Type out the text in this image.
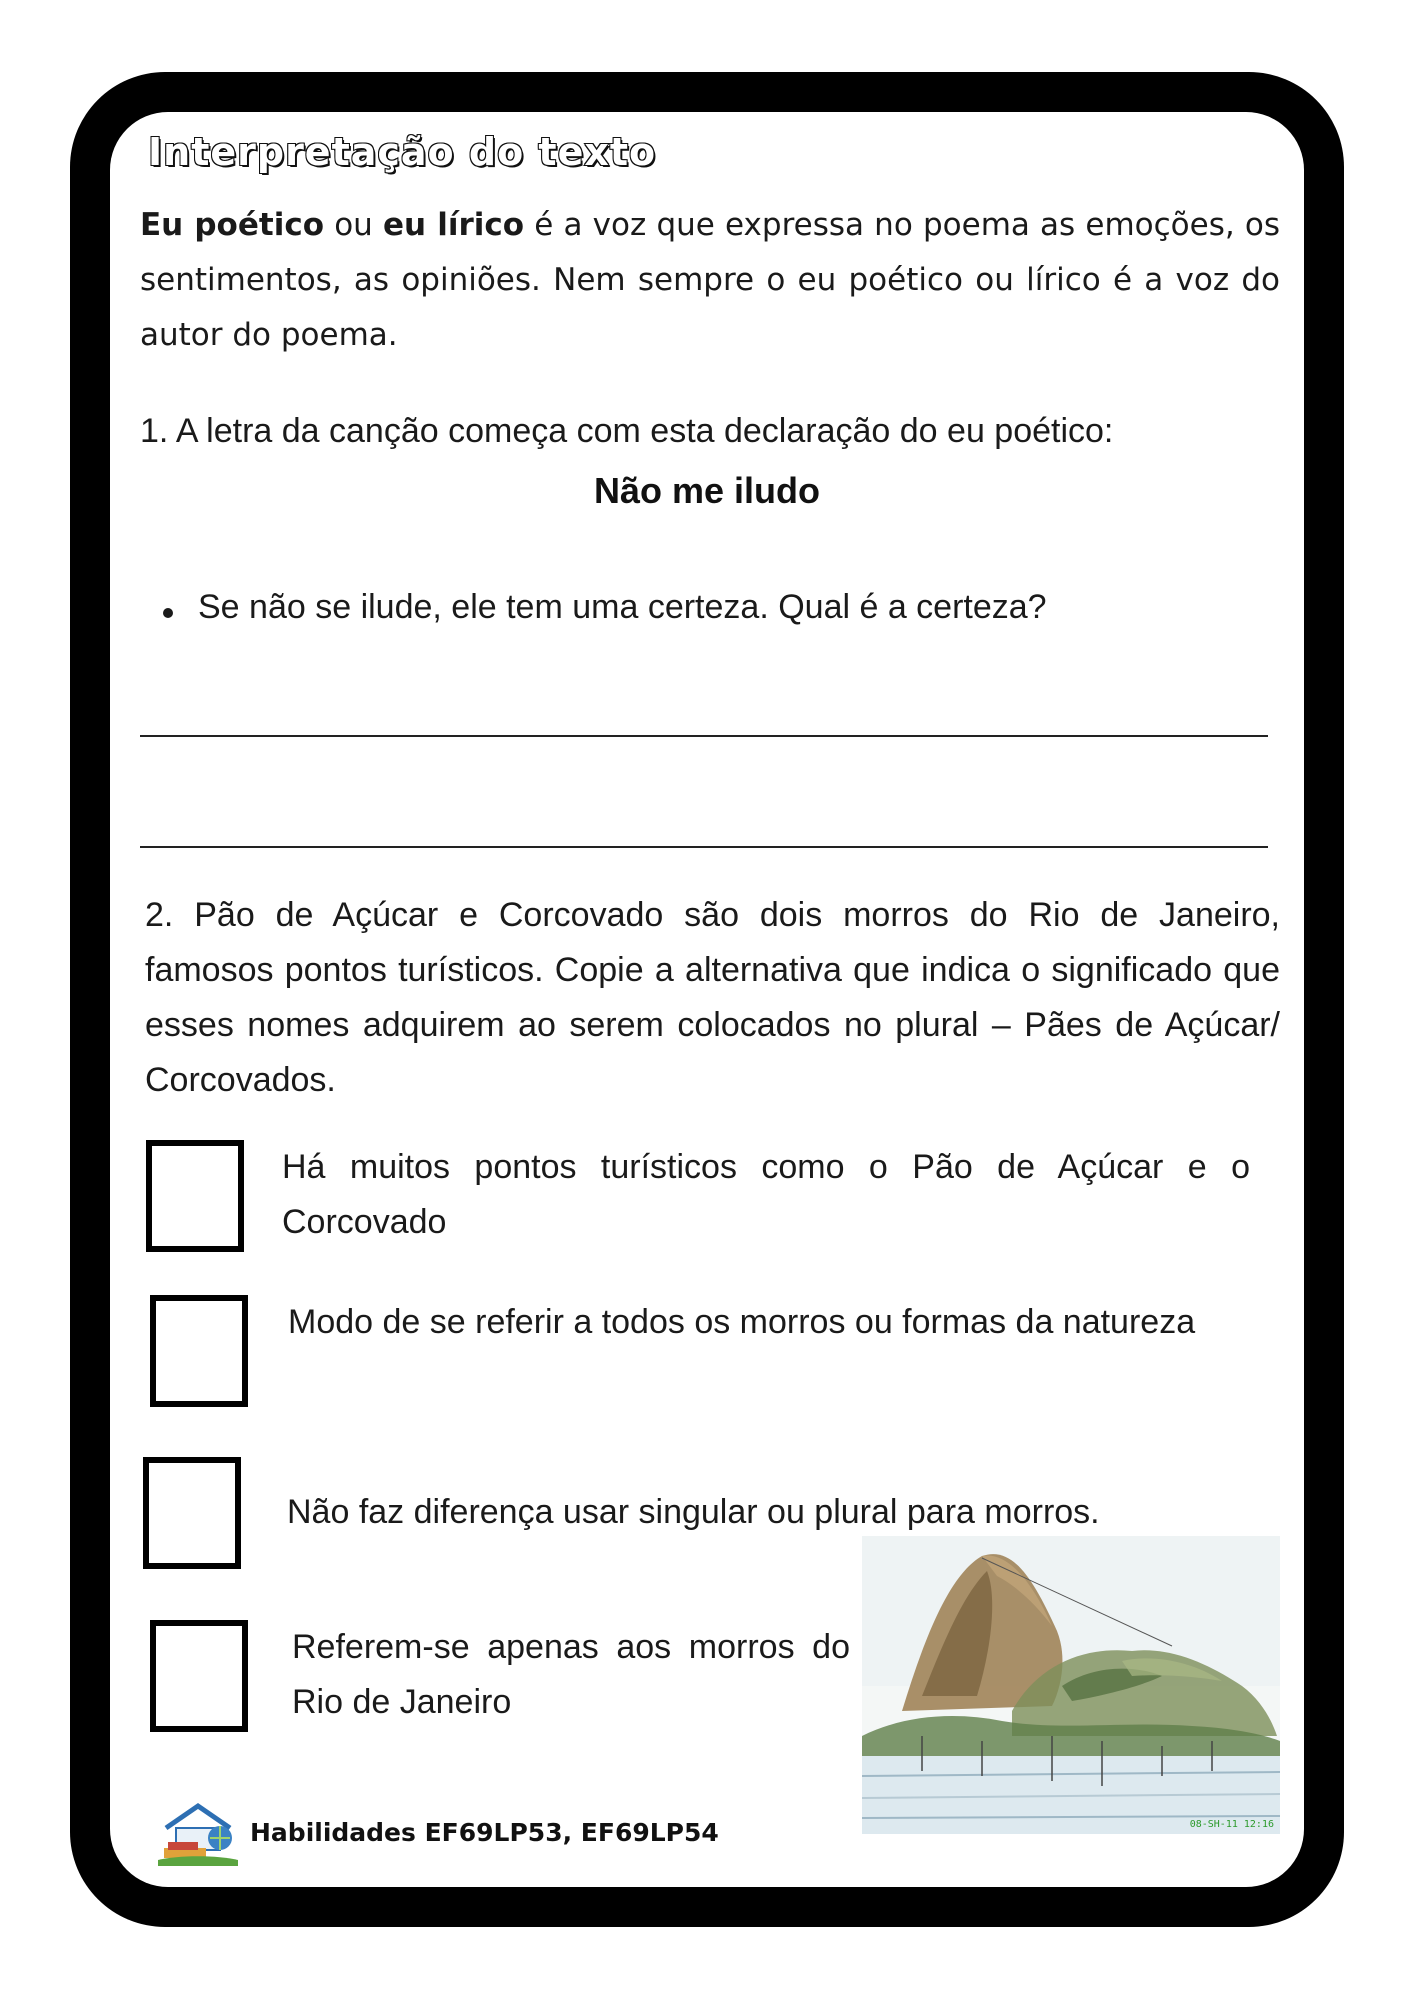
Interpretação do texto
Eu poético ou eu lírico é a voz que expressa no poema as emoções, os sentimentos, as opiniões. Nem sempre o eu poético ou lírico é a voz do autor do poema.
1. A letra da canção começa com esta declaração do eu poético:
Não me iludo
Se não se ilude, ele tem uma certeza. Qual é a certeza?
2. Pão de Açúcar e Corcovado são dois morros do Rio de Janeiro, famosos pontos turísticos. Copie a alternativa que indica o significado que esses nomes adquirem ao serem colocados no plural – Pães de Açúcar/ Corcovados.
Há muitos pontos turísticos como o Pão de Açúcar e o Corcovado
Modo de se referir a todos os morros ou formas da natureza
Não faz diferença usar singular ou plural para morros.
Referem-se apenas aos morros do Rio de Janeiro
08-SH-11 12:16
Habilidades EF69LP53, EF69LP54
